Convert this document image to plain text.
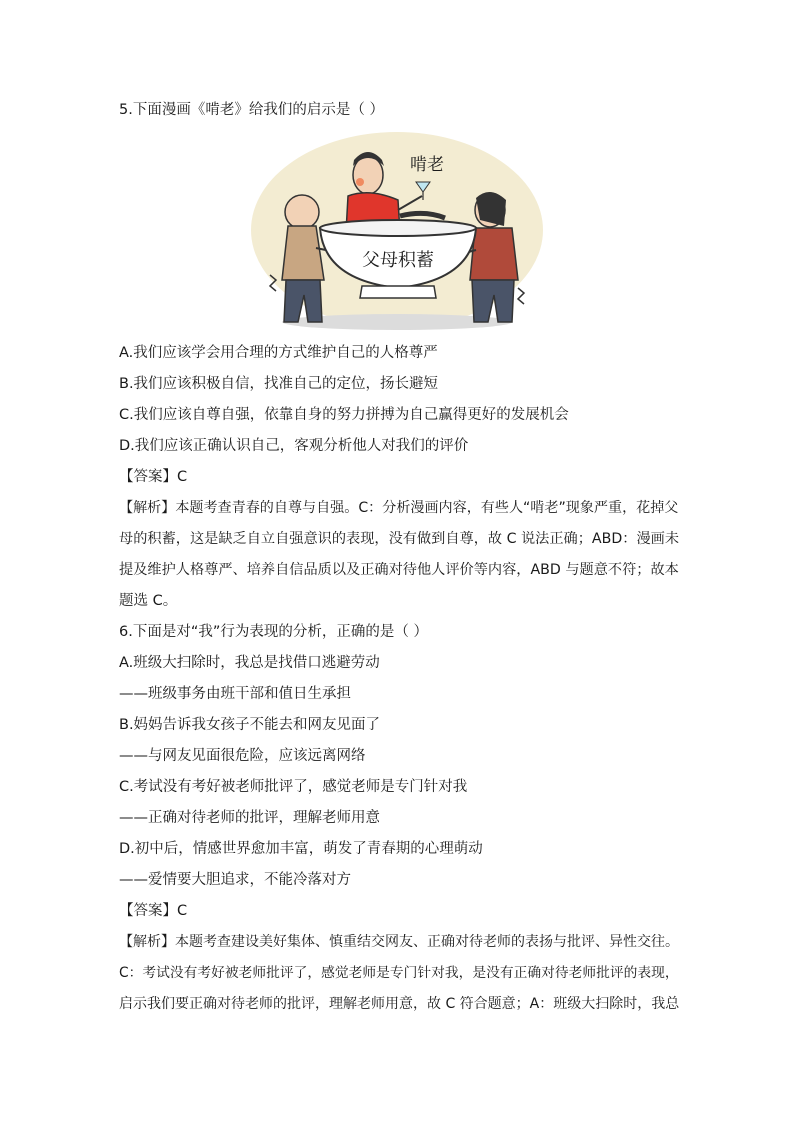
5.下面漫画《啃老》给我们的启示是（ ）
父母积蓄
啃老
A.我们应该学会用合理的方式维护自己的人格尊严
B.我们应该积极自信，找准自己的定位，扬长避短
C.我们应该自尊自强，依靠自身的努力拼搏为自己赢得更好的发展机会
D.我们应该正确认识自己，客观分析他人对我们的评价
【答案】C
【解析】本题考查青春的自尊与自强。C：分析漫画内容，有些人“啃老”现象严重，花掉父
母的积蓄，这是缺乏自立自强意识的表现，没有做到自尊，故 C 说法正确；ABD：漫画未
提及维护人格尊严、培养自信品质以及正确对待他人评价等内容，ABD 与题意不符；故本
题选 C。
6.下面是对“我”行为表现的分析，正确的是（ ）
A.班级大扫除时，我总是找借口逃避劳动
——班级事务由班干部和值日生承担
B.妈妈告诉我女孩子不能去和网友见面了
——与网友见面很危险，应该远离网络
C.考试没有考好被老师批评了，感觉老师是专门针对我
——正确对待老师的批评，理解老师用意
D.初中后，情感世界愈加丰富，萌发了青春期的心理萌动
——爱情要大胆追求，不能冷落对方
【答案】C
【解析】本题考查建设美好集体、慎重结交网友、正确对待老师的表扬与批评、异性交往。
C：考试没有考好被老师批评了，感觉老师是专门针对我，是没有正确对待老师批评的表现，
启示我们要正确对待老师的批评，理解老师用意，故 C 符合题意；A：班级大扫除时，我总
